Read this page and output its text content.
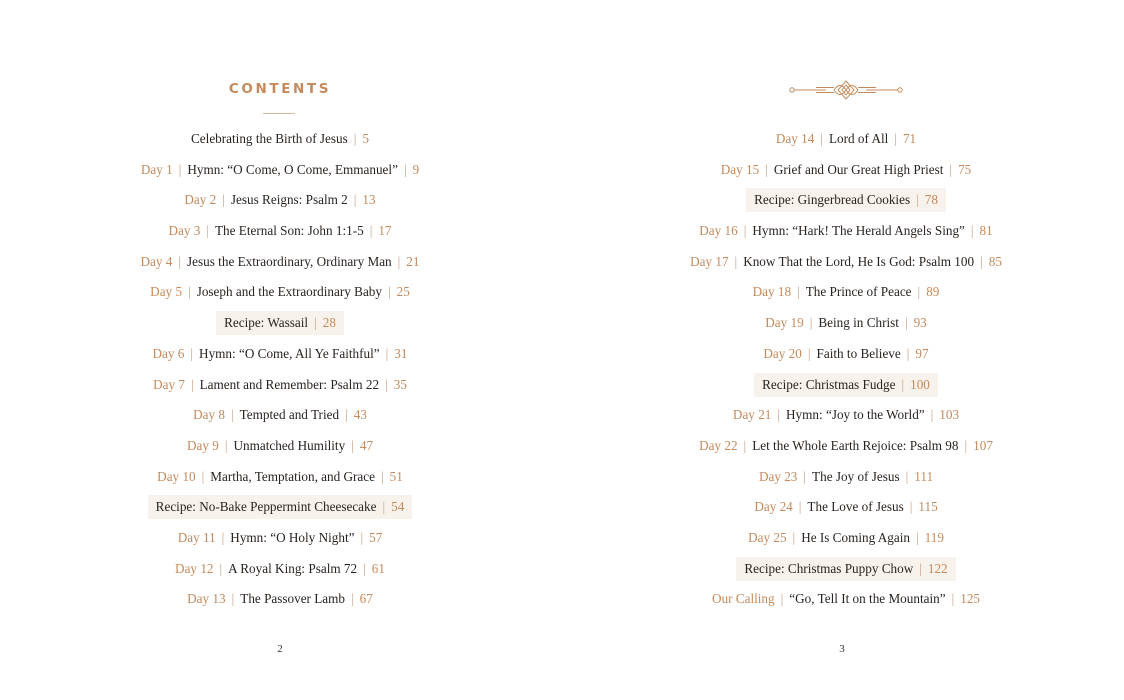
CONTENTS
Celebrating the Birth of Jesus | 5
Day 1 | Hymn: “O Come, O Come, Emmanuel” | 9
Day 2 | Jesus Reigns: Psalm 2 | 13
Day 3 | The Eternal Son: John 1:1-5 | 17
Day 4 | Jesus the Extraordinary, Ordinary Man | 21
Day 5 | Joseph and the Extraordinary Baby | 25
Recipe: Wassail | 28
Day 6 | Hymn: “O Come, All Ye Faithful” | 31
Day 7 | Lament and Remember: Psalm 22 | 35
Day 8 | Tempted and Tried | 43
Day 9 | Unmatched Humility | 47
Day 10 | Martha, Temptation, and Grace | 51
Recipe: No-Bake Peppermint Cheesecake | 54
Day 11 | Hymn: “O Holy Night” | 57
Day 12 | A Royal King: Psalm 72 | 61
Day 13 | The Passover Lamb | 67
2
Day 14 | Lord of All | 71
Day 15 | Grief and Our Great High Priest | 75
Recipe: Gingerbread Cookies | 78
Day 16 | Hymn: “Hark! The Herald Angels Sing” | 81
Day 17 | Know That the Lord, He Is God: Psalm 100 | 85
Day 18 | The Prince of Peace | 89
Day 19 | Being in Christ | 93
Day 20 | Faith to Believe | 97
Recipe: Christmas Fudge | 100
Day 21 | Hymn: “Joy to the World” | 103
Day 22 | Let the Whole Earth Rejoice: Psalm 98 | 107
Day 23 | The Joy of Jesus | 111
Day 24 | The Love of Jesus | 115
Day 25 | He Is Coming Again | 119
Recipe: Christmas Puppy Chow | 122
Our Calling | “Go, Tell It on the Mountain” | 125
3
